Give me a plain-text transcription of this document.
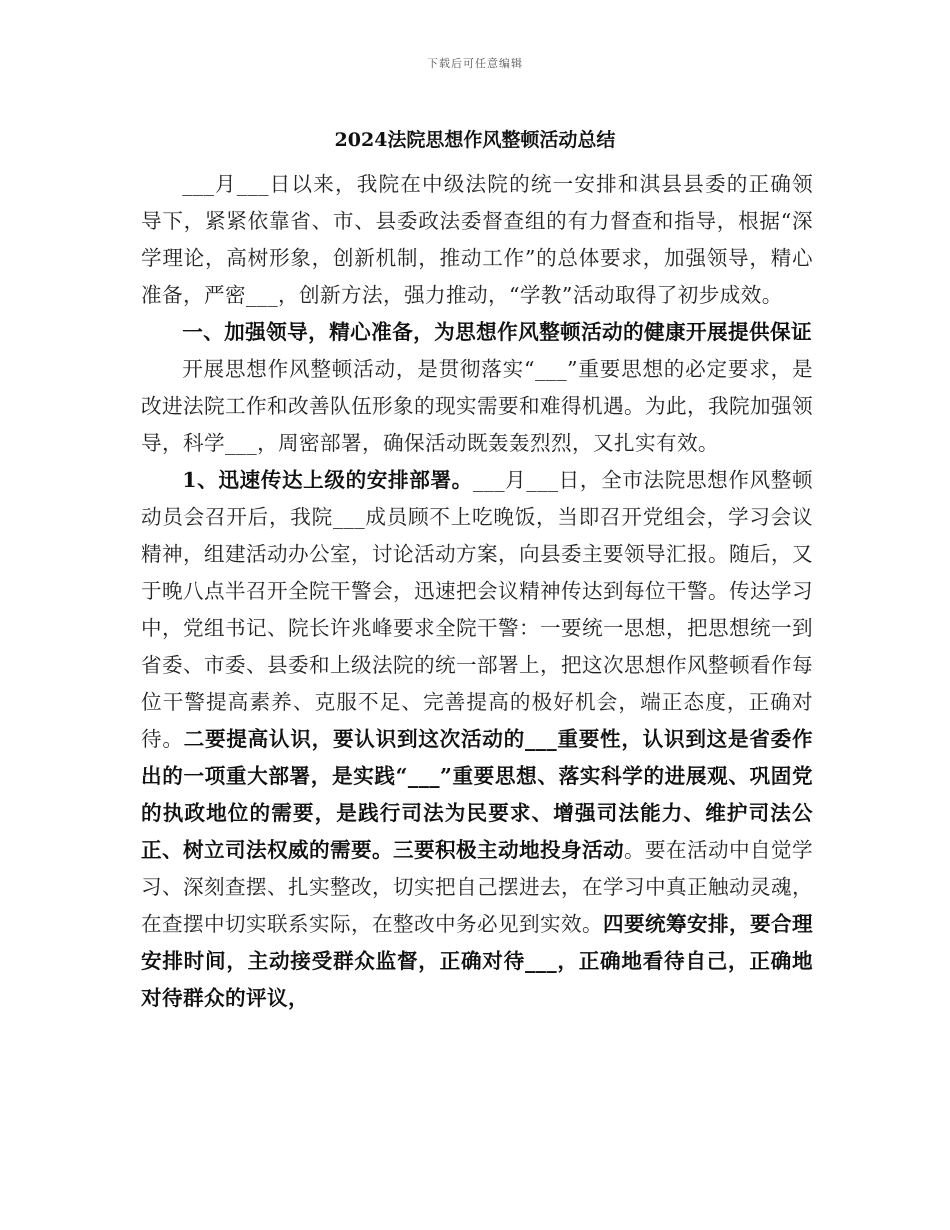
下载后可任意编辑
2024法院思想作风整顿活动总结

___月___日以来，我院在中级法院的统一安排和淇县县委的正确领导下，紧紧依靠省、市、县委政法委督查组的有力督查和指导，根据“深学理论，高树形象，创新机制，推动工作”的总体要求，加强领导，精心准备，严密___，创新方法，强力推动，“学教”活动取得了初步成效。

一、加强领导，精心准备，为思想作风整顿活动的健康开展提供保证

开展思想作风整顿活动，是贯彻落实“___”重要思想的必定要求，是改进法院工作和改善队伍形象的现实需要和难得机遇。为此，我院加强领导，科学___，周密部署，确保活动既轰轰烈烈，又扎实有效。

1、迅速传达上级的安排部署。___月___日，全市法院思想作风整顿动员会召开后，我院___成员顾不上吃晚饭，当即召开党组会，学习会议精神，组建活动办公室，讨论活动方案，向县委主要领导汇报。随后，又于晚八点半召开全院干警会，迅速把会议精神传达到每位干警。传达学习中，党组书记、院长许兆峰要求全院干警：一要统一思想，把思想统一到省委、市委、县委和上级法院的统一部署上，把这次思想作风整顿看作每位干警提高素养、克服不足、完善提高的极好机会，端正态度，正确对待。二要提高认识，要认识到这次活动的___重要性，认识到这是省委作出的一项重大部署，是实践“___”重要思想、落实科学的进展观、巩固党的执政地位的需要，是践行司法为民要求、增强司法能力、维护司法公正、树立司法权威的需要。三要积极主动地投身活动。要在活动中自觉学习、深刻查摆、扎实整改，切实把自己摆进去，在学习中真正触动灵魂，在查摆中切实联系实际，在整改中务必见到实效。四要统筹安排，要合理安排时间，主动接受群众监督，正确对待___，正确地看待自己，正确地对待群众的评议，
